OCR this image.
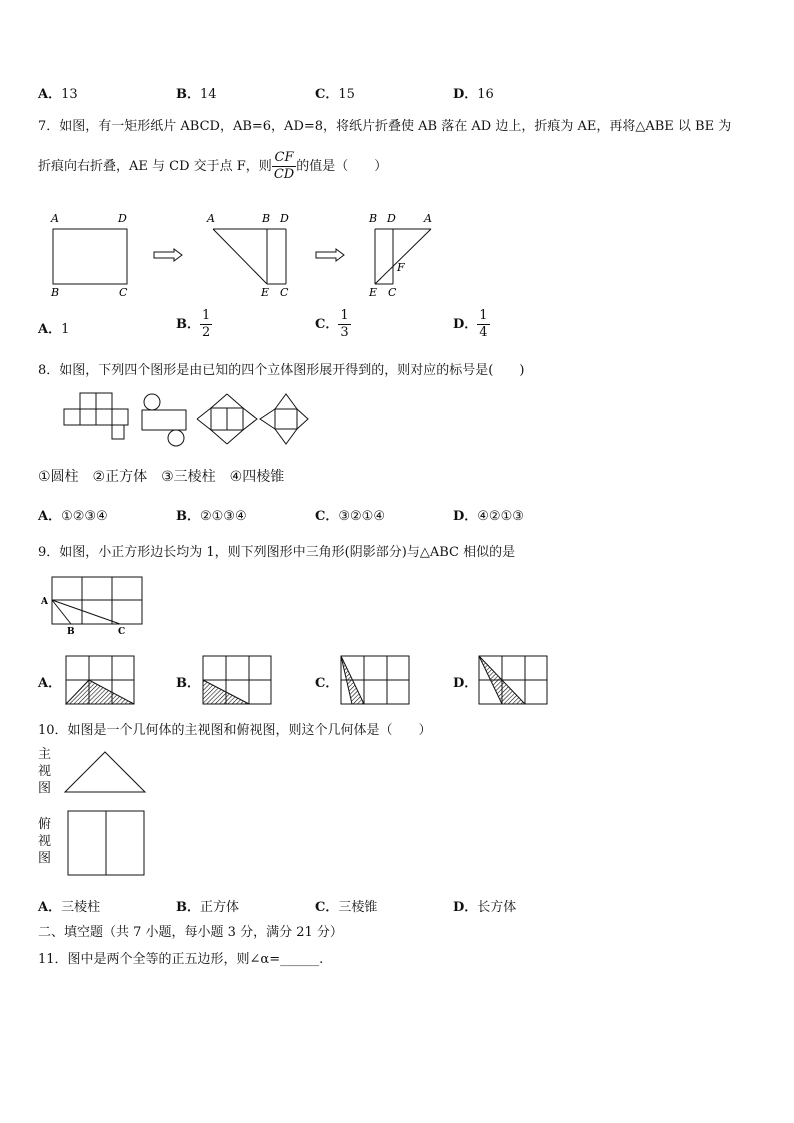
A．13	B．14	C．15	D．16
7．如图，有一矩形纸片 ABCD，AB=6，AD=8，将纸片折叠使 AB 落在 AD 边上，折痕为 AE，再将△ABE 以 BE 为
折痕向右折叠，AE 与 CD 交于点 F，则 $\frac{CF}{CD}$ 的值是（　　）
A	D
B	C
A	B D
E C
B D	A
F
E C
A．1	B． $\frac{1}{2}$	C． $\frac{1}{3}$	D． $\frac{1}{4}$
8．如图，下列四个图形是由已知的四个立体图形展开得到的，则对应的标号是(　　)
①圆柱　②正方体　③三棱柱　④四棱锥
A．①②③④	B．②①③④	C．③②①④	D．④②①③
9．如图，小正方形边长均为 1，则下列图形中三角形(阴影部分)与△ABC 相似的是
A
B	C
A．	B．	C．	D．
10．如图是一个几何体的主视图和俯视图，则这个几何体是（　　）
主视图
俯视图
A．三棱柱	B．正方体	C．三棱锥	D．长方体
二、填空题（共 7 小题，每小题 3 分，满分 21 分）
11．图中是两个全等的正五边形，则∠α=______.
